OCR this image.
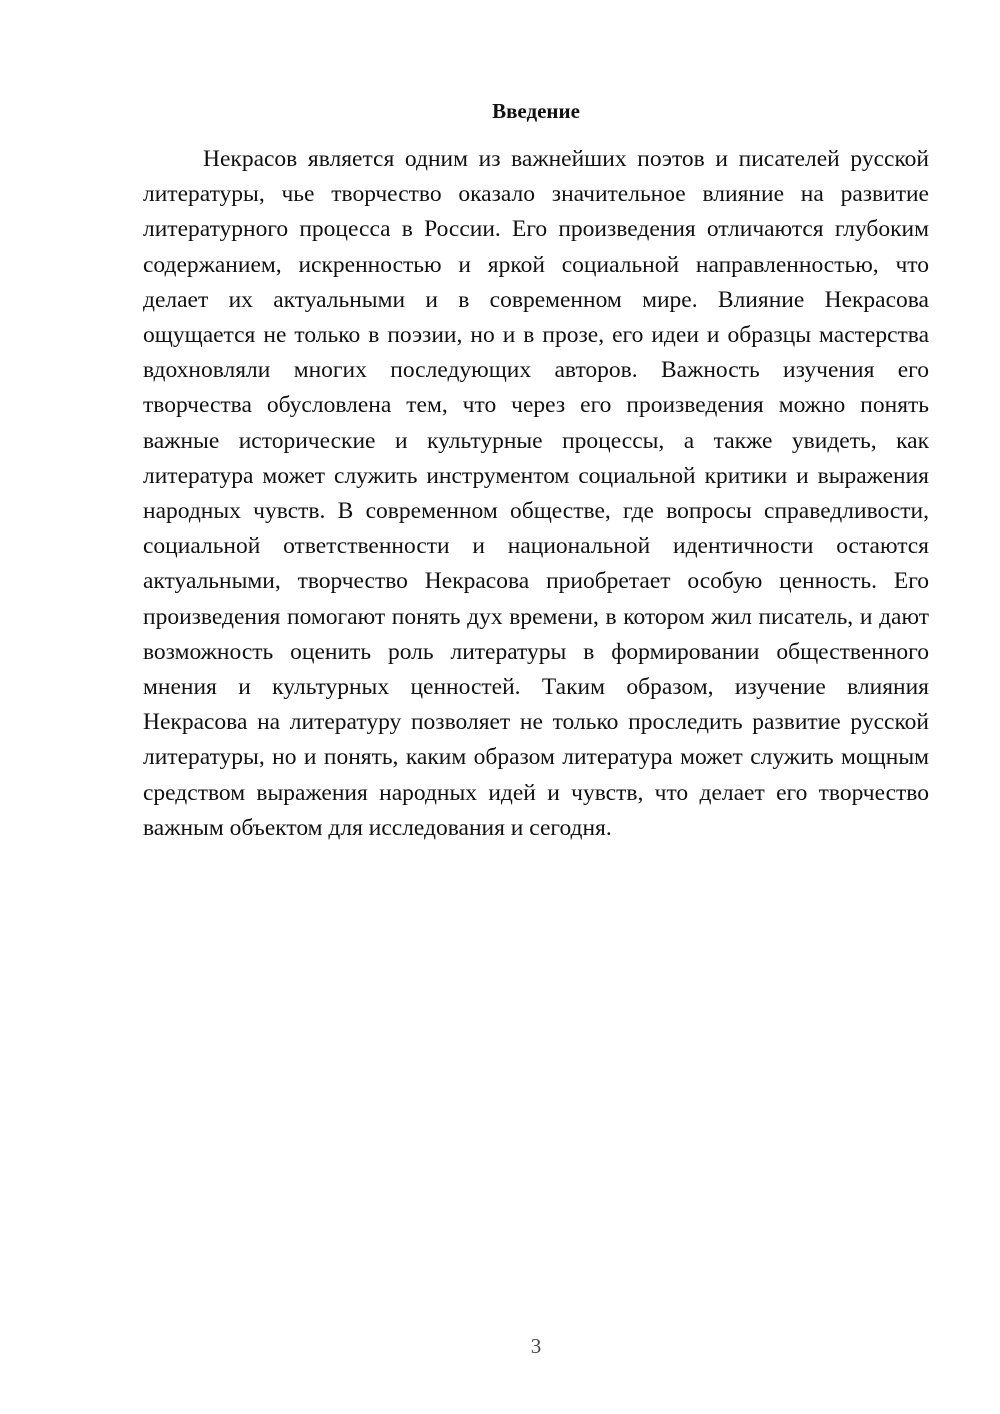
Введение

Некрасов является одним из важнейших поэтов и писателей русской литературы, чье творчество оказало значительное влияние на развитие литературного процесса в России. Его произведения отличаются глубоким содержанием, искренностью и яркой социальной направленностью, что делает их актуальными и в современном мире. Влияние Некрасова ощущается не только в поэзии, но и в прозе, его идеи и образцы мастерства вдохновляли многих последующих авторов. Важность изучения его творчества обусловлена тем, что через его произведения можно понять важные исторические и культурные процессы, а также увидеть, как литература может служить инструментом социальной критики и выражения народных чувств. В современном обществе, где вопросы справедливости, социальной ответственности и национальной идентичности остаются актуальными, творчество Некрасова приобретает особую ценность. Его произведения помогают понять дух времени, в котором жил писатель, и дают возможность оценить роль литературы в формировании общественного мнения и культурных ценностей. Таким образом, изучение влияния Некрасова на литературу позволяет не только проследить развитие русской литературы, но и понять, каким образом литература может служить мощным средством выражения народных идей и чувств, что делает его творчество важным объектом для исследования и сегодня.

3
